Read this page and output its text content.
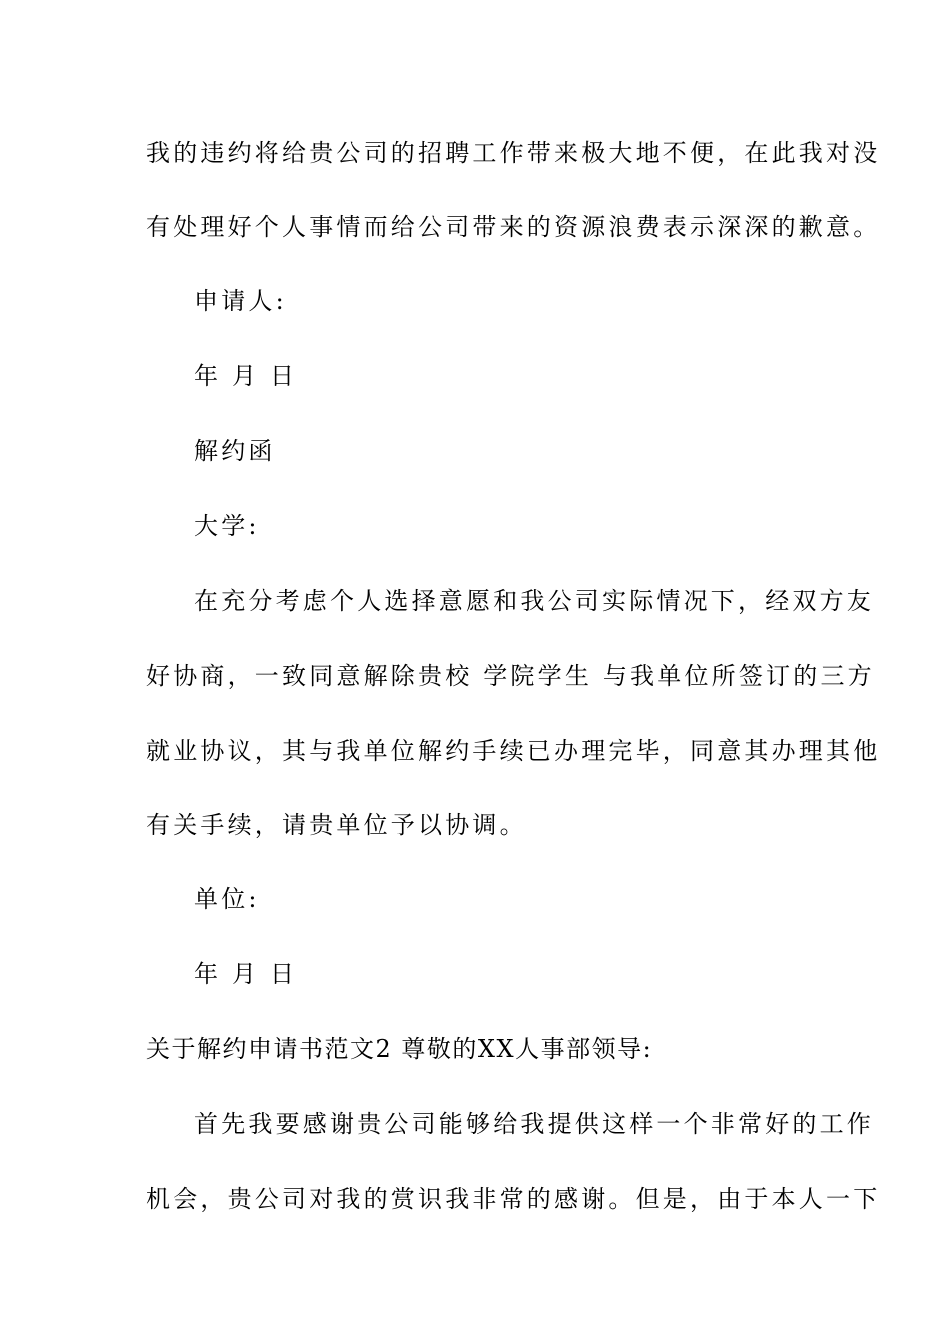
我的违约将给贵公司的招聘工作带来极大地不便，在此我对没
有处理好个人事情而给公司带来的资源浪费表示深深的歉意。
申请人:
年 月 日
解约函
大学:
在充分考虑个人选择意愿和我公司实际情况下，经双方友
好协商，一致同意解除贵校 学院学生 与我单位所签订的三方
就业协议，其与我单位解约手续已办理完毕，同意其办理其他
有关手续，请贵单位予以协调。
单位:
年 月 日
关于解约申请书范文2 尊敬的XX人事部领导:
首先我要感谢贵公司能够给我提供这样一个非常好的工作
机会，贵公司对我的赏识我非常的感谢。但是，由于本人一下
